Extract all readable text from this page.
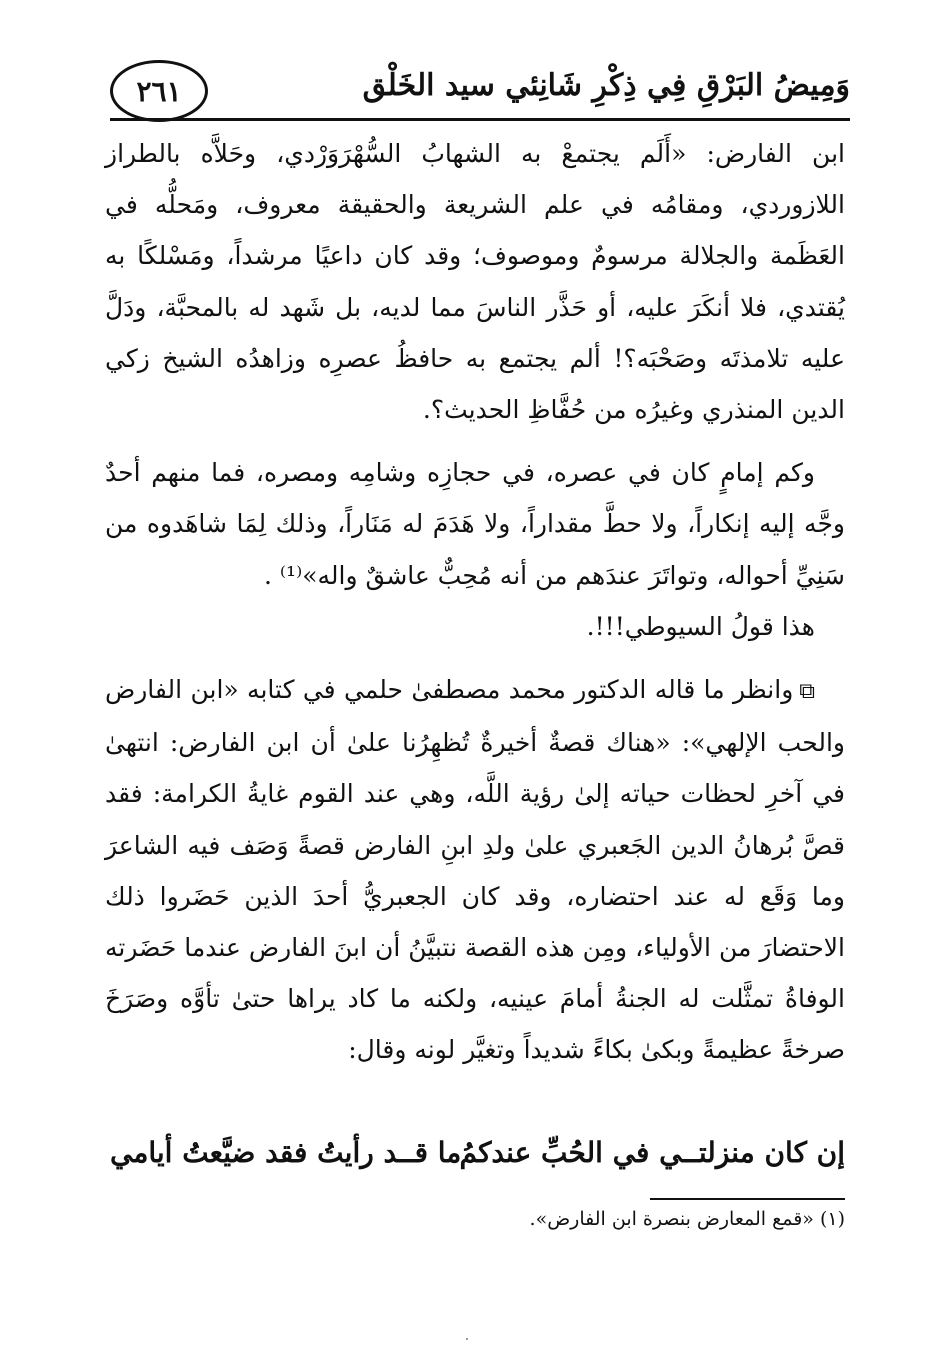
وَمِيضُ البَرْقِ فِي ذِكْرِ شَانِئي سيد الخَلْق
٢٦١

ابن الفارض: «أَلَم يجتمعْ به الشهابُ السُّهْرَوَرْدي، وحَلاَّه بالطراز اللازوردي، ومقامُه في علم الشريعة والحقيقة معروف، ومَحلُّه في العَظَمة والجلالة مرسومٌ وموصوف؛ وقد كان داعيًا مرشداً، ومَسْلكًا به يُقتدي، فلا أنكَرَ عليه، أو حَذَّر الناسَ مما لديه، بل شَهد له بالمحبَّة، ودَلَّ عليه تلامذتَه وصَحْبَه؟! ألم يجتمع به حافظُ عصرِه وزاهدُه الشيخ زكي الدين المنذري وغيرُه من حُفَّاظِ الحديث؟.

وكم إمامٍ كان في عصره، في حجازِه وشامِه ومصره، فما منهم أحدٌ وجَّه إليه إنكاراً، ولا حطَّ مقداراً، ولا هَدَمَ له مَنَاراً، وذلك لِمَا شاهَدوه من سَنِيِّ أحواله، وتواتَرَ عندَهم من أنه مُحِبٌّ عاشقٌ واله»⁽¹⁾ .

هذا قولُ السيوطي!!!.

⧉وانظر ما قاله الدكتور محمد مصطفىٰ حلمي في كتابه «ابن الفارض والحب الإلهي»: «هناك قصةٌ أخيرةٌ تُظهِرُنا علىٰ أن ابن الفارض: انتهىٰ في آخرِ لحظات حياته إلىٰ رؤية اللَّه، وهي عند القوم غايةُ الكرامة: فقد قصَّ بُرهانُ الدين الجَعبري علىٰ ولدِ ابنِ الفارض قصةً وَصَف فيه الشاعرَ وما وَقَع له عند احتضاره، وقد كان الجعبريُّ أحدَ الذين حَضَروا ذلك الاحتضارَ من الأولياء، ومِن هذه القصة نتبيَّنُ أن ابنَ الفارض عندما حَضَرته الوفاةُ تمثَّلت له الجنةُ أمامَ عينيه، ولكنه ما كاد يراها حتىٰ تأوَّه وصَرَخَ صرخةً عظيمةً وبكىٰ بكاءً شديداً وتغيَّر لونه وقال:

إن كان منزلتــي في الحُبِّ عندكمُ
ما قــد رأيتُ فقد ضيَّعتُ أيامي
(١) «قمع المعارض بنصرة ابن الفارض».
